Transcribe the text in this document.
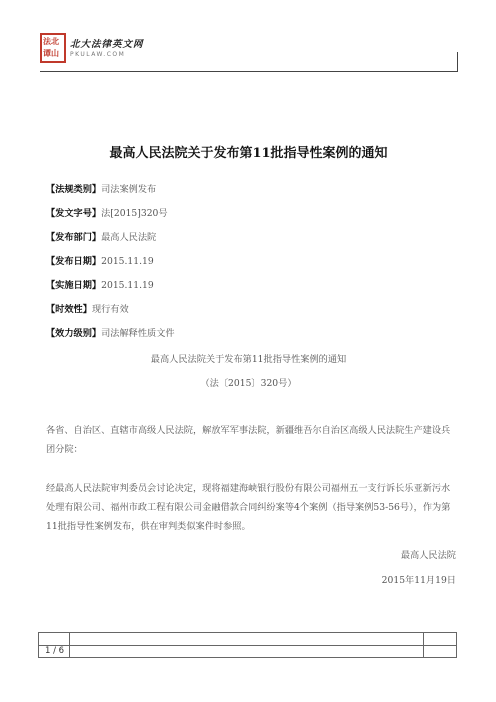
法北
谭山
北大法律英文网
PKULAW.COM
最高人民法院关于发布第11批指导性案例的通知
【法规类别】司法案例发布
【发文字号】法[2015]320号
【发布部门】最高人民法院
【发布日期】2015.11.19
【实施日期】2015.11.19
【时效性】现行有效
【效力级别】司法解释性质文件
最高人民法院关于发布第11批指导性案例的通知
（法〔2015〕320号）
各省、自治区、直辖市高级人民法院，解放军军事法院，新疆维吾尔自治区高级人民法院生产建设兵团分院：
经最高人民法院审判委员会讨论决定，现将福建海峡银行股份有限公司福州五一支行诉长乐亚新污水处理有限公司、福州市政工程有限公司金融借款合同纠纷案等4个案例（指导案例53-56号），作为第11批指导性案例发布，供在审判类似案件时参照。
最高人民法院
2015年11月19日
1 / 6
